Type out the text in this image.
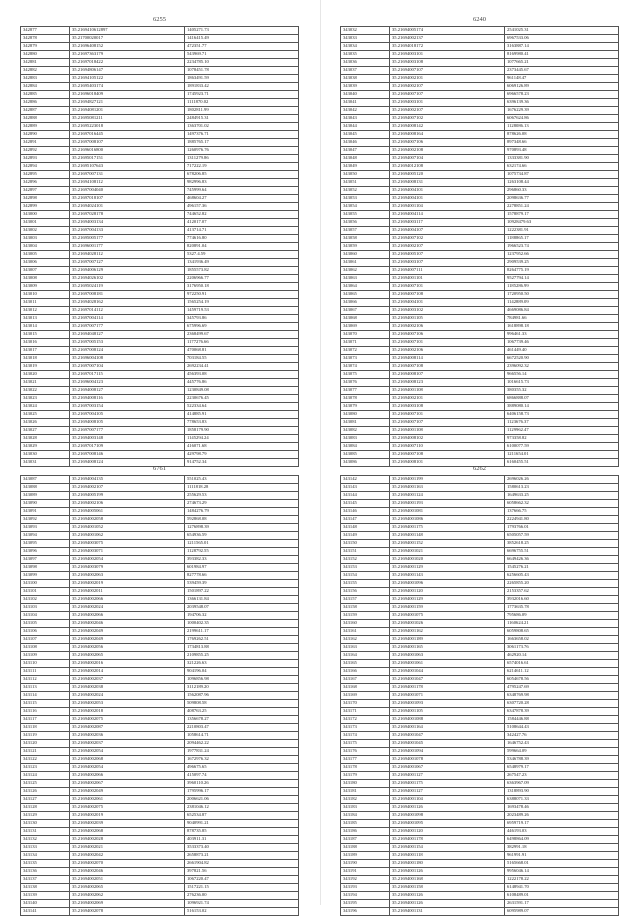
6255
342877	35.2169410612897	1405271.73
342878	35.21700020017	1416415.49
342879	35.21696408152	472351.77
342880	35.21697363179	543969.71
342881	35.21697018422	2234785.10
342882	35.21694806147	1078451.78
342883	35.21694105122	1863491.59
342884	35.21695403174	1891833.42
342885	35.21696018409	1745923.71
342886	35.21694827121	1111870.02
342887	35.21694081201	1802811.99
342888	35.21695081211	2484915.31
342889	35.21695223018	1363701.02
342890	35.21697016445	1497376.71
342891	35.21697008107	1885765.17
342892	35.21696016800	1260976.76
342893	35.21695017151	1311279.86
342894	35.21695107643	717222.19
342895	35.21697007131	678206.85
342896	35.21694108112	982996.83
342897	35.21697004040	745999.64
342898	35.21697018107	468604.27
342899	35.21694024101	496157.36
343000	35.21697028178	744652.82
343001	35.21694003134	412017.07
343002	35.21697004133	413714.71
343003	35.21695005177	774616.80
343004	35.21696001177	820891.04
343005	35.21694028112	5327.4.59
343006	35.21697007127	1341936.49
343007	35.21694006129	1855573.82
343008	35.21694026102	2206966.77
343009	35.21695024119	3176950.18
343010	35.21697008181	972250.91
343011	35.21694028162	1565254.19
343012	35.21697014112	1459719.53
343013	35.21697004114	345793.86
343014	35.21697007177	675996.69
343015	35.21694048127	2368499.67
343016	35.21697005153	1177276.66
343017	35.21697008124	470068.81
343018	35.21696004108	703184.55
343019	35.21697007104	2692234.41
343020	35.21697017115	456393.08
343021	35.21696004123	445776.86
343022	35.21694008127	1230849.08
343023	35.21694008116	2230676.45
343024	35.21697003154	522334.64
343025	35.21697004105	414885.91
343026	35.21694008105	778653.83
343027	35.21697007177	1858179.90
343028	35.21694003148	1145294.24
343029	35.21697017109	416071.68
343030	35.21697008146	429798.79
343031	35.21694008124	914752.34
6240
343032	35.21694005174	2541025.31
343033	35.21694002137	6967533.06
343034	35.21694018172	3163887.14
343035	35.21694003101	8169980.41
343036	35.21694003108	1077665.21
343037	35.21694007107	2373445.67
343038	35.21694002101	961148.47
343039	35.21694002107	6069126.89
343040	35.21694007107	6966578.23
343041	35.21694003101	6396139.36
343042	35.21694002107	1676229.39
343043	35.21694007102	6067624.86
343044	35.21694008142	1128086.13
343045	35.21694008164	878626.08
343046	35.21694007106	897348.66
343047	35.21694002108	970893.48
343048	35.21694007104	1333381.90
343049	35.21694012108	632174.66
343050	35.21694005120	1075734.87
343051	35.21694008131	1263108.44
343052	35.21694004101	296860.33
343053	35.21694004101	2098636.77
343054	35.21694001104	2278851.24
343055	35.21694004114	1578879.17
343056	35.21694003117	10928479.63
343057	35.21694004107	1222381.91
343058	35.21694007102	1188865.17
343059	35.21694002107	1966523.74
343060	35.21694005107	1237952.66
343061	35.21694003107	2909539.25
343062	35.21694007111	8264775.19
343063	35.21694001101	9527794.14
343064	35.21694007101	1185286.99
343065	35.21694007108	1720950.50
343066	35.21694004101	1142889.09
343067	35.21694003102	4669086.84
343068	35.21694001105	784981.66
343069	35.21694002106	1618898.18
343070	35.21694007106	996461.33
343071	35.21694007101	1067739.46
343072	35.21694002106	461449.40
343073	35.21694008114	6672520.90
343074	35.21694007108	2396092.32
343075	35.21694008107	966556.14
343076	35.21694008123	1016615.73
343077	35.21694001108	380355.32
343078	35.21694002101	6866888.07
343079	35.21694003108	3889080.14
343080	35.21694007101	6406158.73
343081	35.21694007107	1123676.37
343082	35.21694001108	1129962.47
343083	35.21694008102	973358.82
343084	35.21694007110	6100077.59
343085	35.21694007108	1211654.01
343086	35.21694008101	6160455.51
6761
343087	35.21694004135	551025.43
343088	35.21694002107	1111818.28
343089	35.21694005199	255629.53
343090	35.21694002106	274673.29
343091	35.21694005061	1484276.79
343092	35.21694002058	592868.08
343093	35.21694001052	1276898.39
343094	35.21694001062	654936.59
343095	35.21694003075	1211565.01
343096	35.21694003071	1128792.55
343097	35.21694002054	393382.33
343098	35.21694003079	601984.97
343099	35.21694002063	827778.66
343100	35.21694002019	539459.39
343101	35.21694002011	1501897.22
343102	35.21694002066	1366131.84
343103	35.21694002024	2039548.07
343104	35.21694002066	194706.32
343105	35.21694002046	1000402.35
343106	35.21694002049	2199611.17
343107	35.21694002049	1769262.51
343108	35.21694002056	1734813.88
343109	35.21694002065	2109855.25
343110	35.21694002016	321226.63
343111	35.21694002014	904196.04
343112	35.21694002037	1096856.98
343113	35.21694002038	3112189.20
343114	35.21694002024	1562087.96
343115	35.21694002053	509808.58
343116	35.21694002018	408763.25
343117	35.21694002075	1356678.27
343118	35.21694002087	2210803.47
343119	35.21694002036	1058614.71
343120	35.21694002037	2094462.22
343121	35.21694002054	1977831.24
343122	35.21694002068	1672976.32
343123	35.21694002054	496675.65
343124	35.21694002066	415097.74
343125	35.21694002067	3960110.26
343126	35.21694002049	1795996.17
343127	35.21694002061	2006621.06
343128	35.21694002075	2381046.12
343129	35.21694002019	652534.87
343130	35.21694002039	9040991.21
343131	35.21694002068	878735.85
343132	35.21694002028	403911.31
343133	35.21694002021	3533373.40
343134	35.21694002042	2658873.21
343135	35.21694002070	2661904.82
343136	35.21694002046	397821.56
343137	35.21694002051	1067220.47
343138	35.21694002065	1517221.15
343139	35.21694002062	276236.00
343140	35.21694002069	1096921.74
343141	35.21694002078	516153.02
6262
343142	35.21694001199	2696026.26
343143	35.21694001163	1580613.23
343144	35.21694001124	1649633.25
343145	35.21694001193	6058662.32
343146	35.21694001081	137666.75
343147	35.21694001086	2224941.80
343148	35.21694001175	1793766.01
343149	35.21694001148	6505057.59
343150	35.21694001152	3852618.25
343151	35.21694001021	6696755.51
343152	35.21694001020	6649426.36
343153	35.21694001129	1545276.21
343154	35.21694001143	6256605.43
343155	35.21694001096	2265855.20
343156	35.21694001120	2153357.62
343157	35.21694001129	3932016.60
343158	35.21694001159	1773635.78
343159	35.21694001075	795686.09
343160	35.21694001026	1160624.21
343161	35.21694001162	6059808.65
343162	35.21694001189	1663658.02
343163	35.21694001165	3061173.76
343164	35.21694001063	462920.14
343165	35.21694001061	6574016.61
343166	35.21694001044	6214611.12
343167	35.21694001047	6054678.56
343168	35.21694001178	4795247.69
343169	35.21694001071	6348769.98
343170	35.21694001093	6307720.28
343171	35.21694001105	6347878.39
343172	35.21694001088	1584446.88
343173	35.21694001164	5108644.43
343174	35.21694001047	342427.76
343175	35.21694001045	1646752.43
343176	35.21694001094	599664.09
343177	35.21694001078	5346788.39
343178	35.21694001067	6548979.17
343179	35.21694001127	267547.23
343180	35.21694001175	6363967.09
343181	35.21694001127	1318893.90
343182	35.21694001104	6388071.33
343183	35.21694001126	1693478.46
343184	35.21694001098	2023489.26
343185	35.21694001095	6959719.17
343186	35.21694001120	446193.03
343187	35.21694001178	6498864.09
343188	35.21694001154	382991.18
343189	35.21694001118	961991.91
343190	35.21694001180	5165668.01
343191	35.21694001126	9956046.14
343192	35.21694001168	1222178.22
343193	35.21694001158	6148941.70
343194	35.21694001126	6108489.01
343195	35.21694001126	2631591.17
343196	35.21694001131	6095989.07
